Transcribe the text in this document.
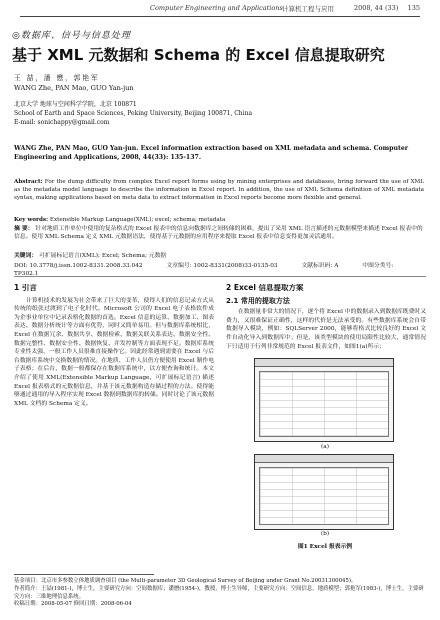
Computer Engineering and Applications 计算机工程与应用	2008, 44 (33) 135
◎数据库、信号与信息处理
基于 XML 元数据和 Schema 的 Excel 信息提取研究
王 喆，潘 懋，郭艳军
WANG Zhe, PAN Mao, GUO Yan-jun
北京大学 地球与空间科学学院，北京 100871
School of Earth and Space Sciences, Peking University, Beijing 100871, China
E-mail: sonichappy@gmail.com
WANG Zhe, PAN Mao, GUO Yan-jun. Excel information extraction based on XML metadata and schema. Computer Engineering and Applications, 2008, 44(33): 135-137.
Abstract: For the dump difficulty from complex Excel report forms using by mining enterprises and databases, bring forward the use of XML as the metadata model language to describe the information in Excel report. In addition, the use of XML Schema definition of XML metadata syntax, making applications based on meta data to extract information in Excel reports become more flexible and general.
Key words: Extensible Markup Language(XML); excel; schema; metadata
摘 要： 针对地质工作单位中使用的复杂格式的 Excel 报表中的信息向数据库之间转储的困难，提出了采用 XML 语言描述的元数据模型来描述 Excel 报表中的信息。使用 XML Schema 定义 XML 元数据语法，使得基于元数据的应用程序来提取 Excel 报表中信息变得更加灵活通用。
关键词： 可扩展标记语言(XML); Excel; Schema; 元数据
DOI: 10.3778/j.issn.1002-8331.2008.33.042	文章编号: 1002-8331(2008)33-0135-03	文献标识码: A	中图分类号: TP302.1
1 引言

计算机技术的发展为社会带来了巨大的变革，使得人们的信息记录方式从传统的纸张过渡到了电子化时代。Microsoft 公司的 Excel 电子表格软件成为企事业单位中记录表格化数据的首选。Excel 信息的运算、数据加工、图表表达、数据分析统计等方面有优势，同时又简单易用。但与数据库系统相比，Excel 在数据冗余、数据共享、数据检索、数据关联关系表达、数据安全性、数据完整性、数据安全性、数据恢复、并发控制等方面表现不足。数据库系统专业性太强，一般工作人员很难直接操作它。因此经常遇到需要在 Excel 与后台数据库系统中交换数据的情况。在地质、工作人员仍方便使用 Excel 制作电子表格；在后台，数据一般都保存在数据库系统中，以方便查询和统计。本文介绍了使用 XML(Extensible Markup Language，可扩展标记语言) 描述 Excel 报表格式的元数据信息，并基于该元数据构造存储过程的方法。使得能够通过通用的导入程序实现 Excel 数据到数据库的转储。同时讨论了该元数据 XML 文档的 Schema 定义。

2 Excel 信息提取方案
2.1 常用的提取方法

在数据量非常大的情况下，逐个将 Excel 中的数据录入到数据库既费时又费力，又很难保证正确性，这样的代价是无法承受的。有些数据库系统会自带数据导入模块，例如：SQLServer 2000，能够将格式比较良好的 Excel 文件自动化导入到数据库中；但是，该类型模块的使用局限性比较大，通常情况下只适用于行列非常规范的 Excel 报表文件，如图1(a)所示；

(a)
(b)
图1 Excel 报表示例
基金项目：北京市多参数立体地质调查项目 (the Multi-parameter 3D Geological Survey of Beijing under Grant No.20031300045)。
作者简介：王喆(1981-)，博士生，主要研究方向：空间数据库；潘懋(1954-)，教授，博士生导师，主要研究方向：空间信息，地质模型；郭艳军(1983-)，博士生，主要研究方向：三维地理信息系统。
收稿日期：2008-05-07 修回日期：2008-06-04
